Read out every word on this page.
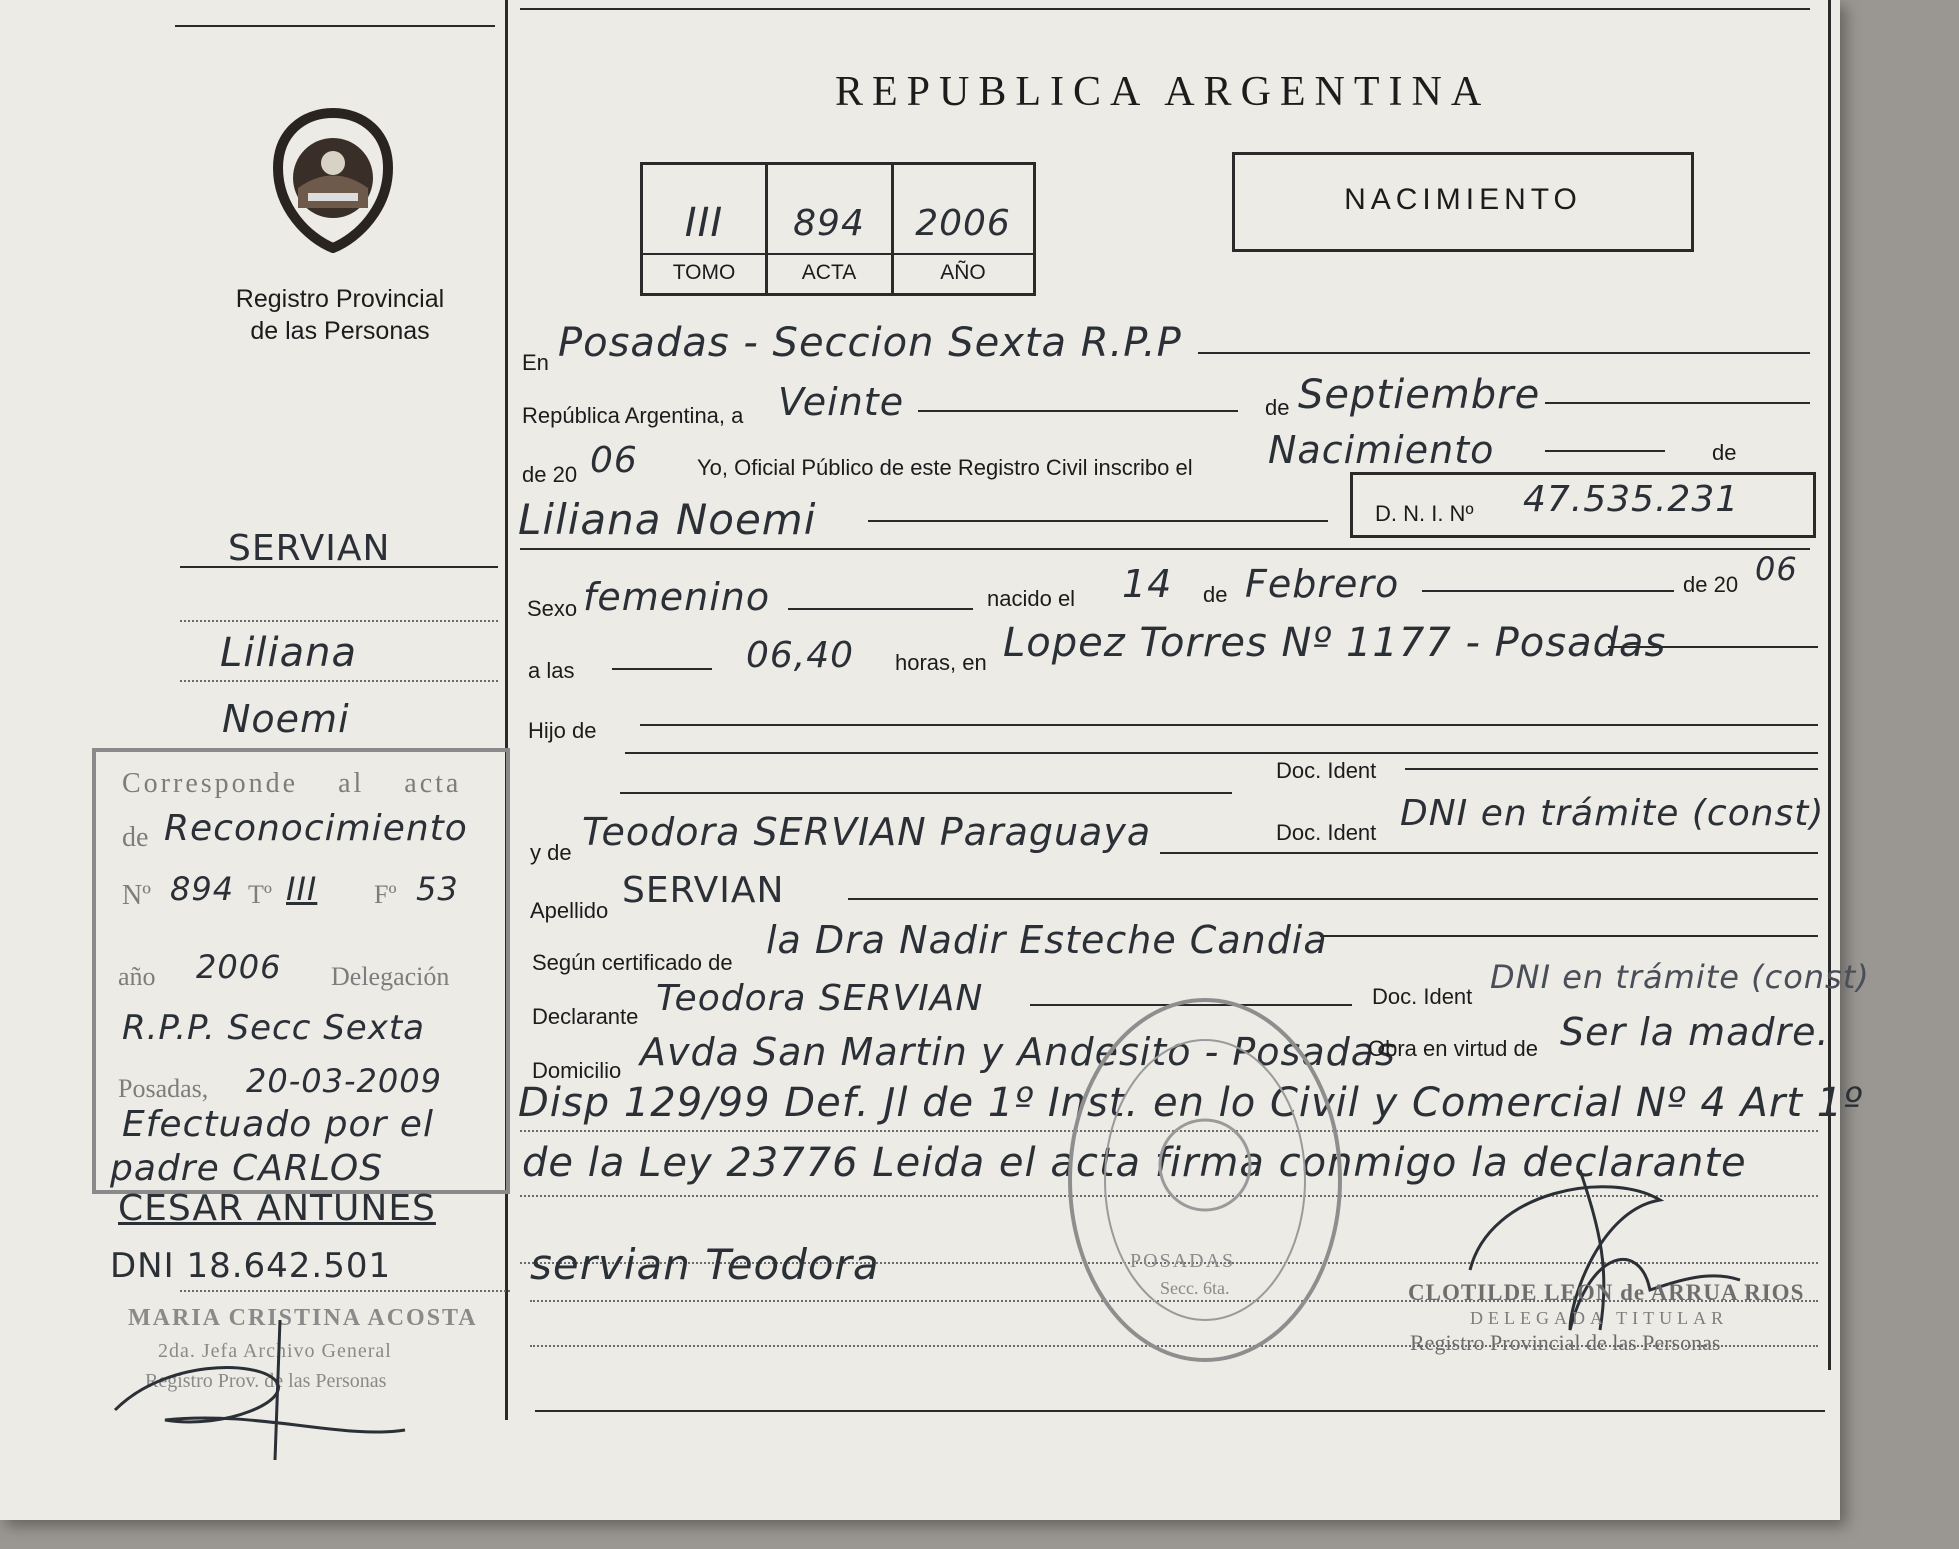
Registro Provincial
de las Personas
REPUBLICA ARGENTINA
III	894	2006
TOMO	ACTA	AÑO
NACIMIENTO
SERVIAN
Liliana
Noemi
Corresponde al acta
de Reconocimiento
Nº 894 Tº III Fº 53
año 2006 Delegación
R.P.P. Secc Sexta
Posadas, 20-03-2009
Efectuado por el
padre CARLOS
CESAR ANTUNES
DNI 18.642.501
MARIA CRISTINA ACOSTA
2da. Jefa Archivo General
Registro Prov. de las Personas
En Posadas - Seccion Sexta R.P.P
República Argentina, a Veinte	de Septiembre
de 20 06	Yo, Oficial Público de este Registro Civil inscribo el Nacimiento	de
Liliana Noemi	D. N. I. Nº 47.535.231
Sexo femenino	nacido el 14 de Febrero	de 20 06
a las	06,40 horas, en Lopez Torres Nº 1177 - Posadas
Hijo de
Doc. Ident
y de Teodora SERVIAN Paraguaya	Doc. Ident DNI en trámite (const)
Apellido SERVIAN
Según certificado de
la Dra Nadir Esteche Candia
Declarante Teodora SERVIAN	Doc. Ident
DNI en trámite (const)
Domicilio Avda San Martin y Andesito - Posadas
Obra en virtud de Ser la madre.
Disp 129/99 Def. Jl de 1º Inst. en lo Civil y Comercial Nº 4 Art 1º
de la Ley 23776 Leida el acta firma conmigo la declarante
servian Teodora	POSADAS
Secc. 6ta.	CLOTILDE LEON de ARRUA RIOS
DELEGADA TITULAR
Registro Provincial de las Personas
